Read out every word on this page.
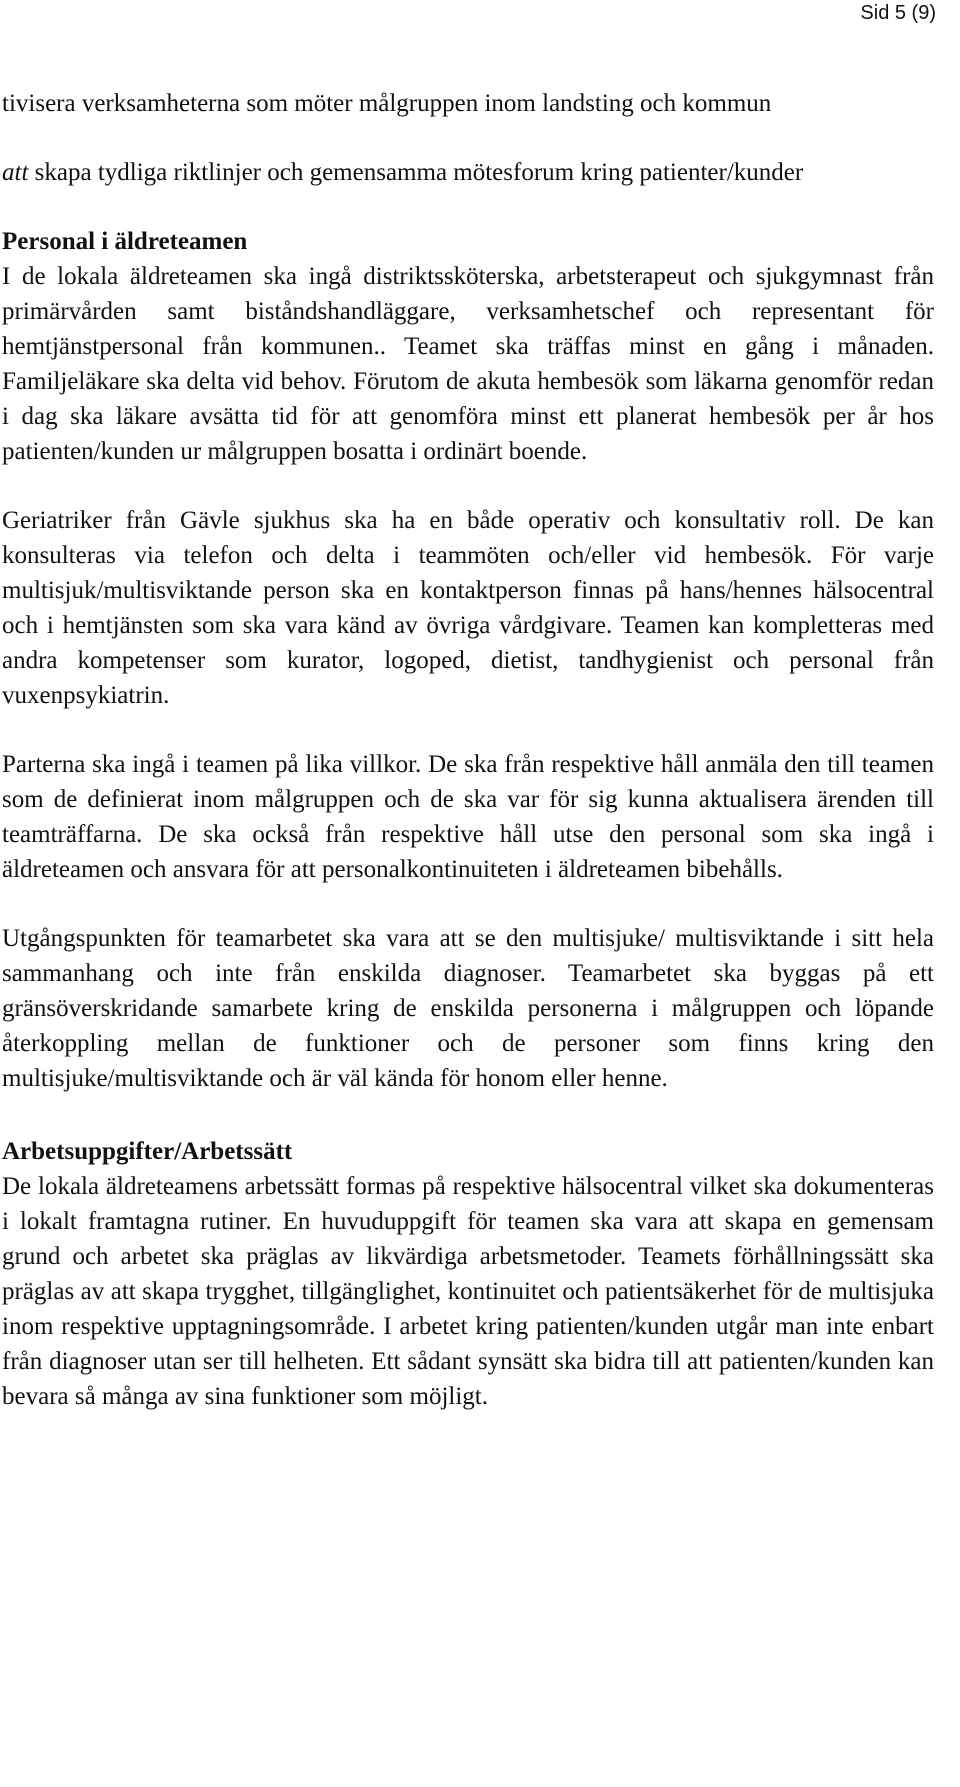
Sid 5 (9)

tivisera verksamheterna som möter målgruppen inom landsting och kommun

att skapa tydliga riktlinjer och gemensamma mötesforum kring patienter/kunder

Personal i äldreteamen

I de lokala äldreteamen ska ingå distriktssköterska, arbetsterapeut och sjukgymnast från primärvården samt biståndshandläggare, verksamhetschef och representant för hemtjänstpersonal från kommunen.. Teamet ska träffas minst en gång i månaden. Familjeläkare ska delta vid behov. Förutom de akuta hembesök som läkarna genomför redan i dag ska läkare avsätta tid för att genomföra minst ett planerat hembesök per år hos patienten/kunden ur målgruppen bosatta i ordinärt boende.

Geriatriker från Gävle sjukhus ska ha en både operativ och konsultativ roll. De kan konsulteras via telefon och delta i teammöten och/eller vid hembesök. För varje multisjuk/multisviktande person ska en kontaktperson finnas på hans/hennes hälsocentral och i hemtjänsten som ska vara känd av övriga vårdgivare. Teamen kan kompletteras med andra kompetenser som kurator, logoped, dietist, tandhygienist och personal från vuxenpsykiatrin.

Parterna ska ingå i teamen på lika villkor. De ska från respektive håll anmäla den till teamen som de definierat inom målgruppen och de ska var för sig kunna aktualisera ärenden till teamträffarna. De ska också från respektive håll utse den personal som ska ingå i äldreteamen och ansvara för att personalkontinuiteten i äldreteamen bibehålls.

Utgångspunkten för teamarbetet ska vara att se den multisjuke/ multisviktande i sitt hela sammanhang och inte från enskilda diagnoser. Teamarbetet ska byggas på ett gränsöverskridande samarbete kring de enskilda personerna i målgruppen och löpande återkoppling mellan de funktioner och de personer som finns kring den multisjuke/multisviktande och är väl kända för honom eller henne.

Arbetsuppgifter/Arbetssätt

De lokala äldreteamens arbetssätt formas på respektive hälsocentral vilket ska dokumenteras i lokalt framtagna rutiner. En huvuduppgift för teamen ska vara att skapa en gemensam grund och arbetet ska präglas av likvärdiga arbetsmetoder. Teamets förhållningssätt ska präglas av att skapa trygghet, tillgänglighet, kontinuitet och patientsäkerhet för de multisjuka inom respektive upptagningsområde. I arbetet kring patienten/kunden utgår man inte enbart från diagnoser utan ser till helheten. Ett sådant synsätt ska bidra till att patienten/kunden kan bevara så många av sina funktioner som möjligt.
